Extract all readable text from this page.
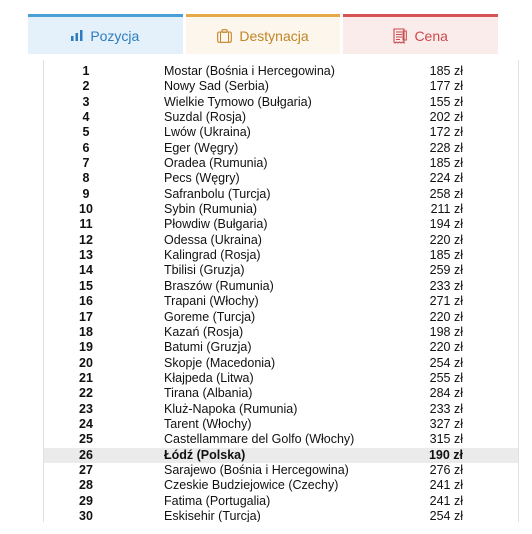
Pozycja	Destynacja	Cena
1	Mostar (Bośnia i Hercegowina)	185 zł
2	Nowy Sad (Serbia)	177 zł
3	Wielkie Tymowo (Bułgaria)	155 zł
4	Suzdal (Rosja)	202 zł
5	Lwów (Ukraina)	172 zł
6	Eger (Węgry)	228 zł
7	Oradea (Rumunia)	185 zł
8	Pecs (Węgry)	224 zł
9	Safranbolu (Turcja)	258 zł
10	Sybin (Rumunia)	211 zł
11	Płowdiw (Bułgaria)	194 zł
12	Odessa (Ukraina)	220 zł
13	Kalingrad (Rosja)	185 zł
14	Tbilisi (Gruzja)	259 zł
15	Braszów (Rumunia)	233 zł
16	Trapani (Włochy)	271 zł
17	Goreme (Turcja)	220 zł
18	Kazań (Rosja)	198 zł
19	Batumi (Gruzja)	220 zł
20	Skopje (Macedonia)	254 zł
21	Kłajpeda (Litwa)	255 zł
22	Tirana (Albania)	284 zł
23	Kluż-Napoka (Rumunia)	233 zł
24	Tarent (Włochy)	327 zł
25	Castellammare del Golfo (Włochy)	315 zł
26	Łódź (Polska)	190 zł
27	Sarajewo (Bośnia i Hercegowina)	276 zł
28	Czeskie Budziejowice (Czechy)	241 zł
29	Fatima (Portugalia)	241 zł
30	Eskisehir (Turcja)	254 zł
